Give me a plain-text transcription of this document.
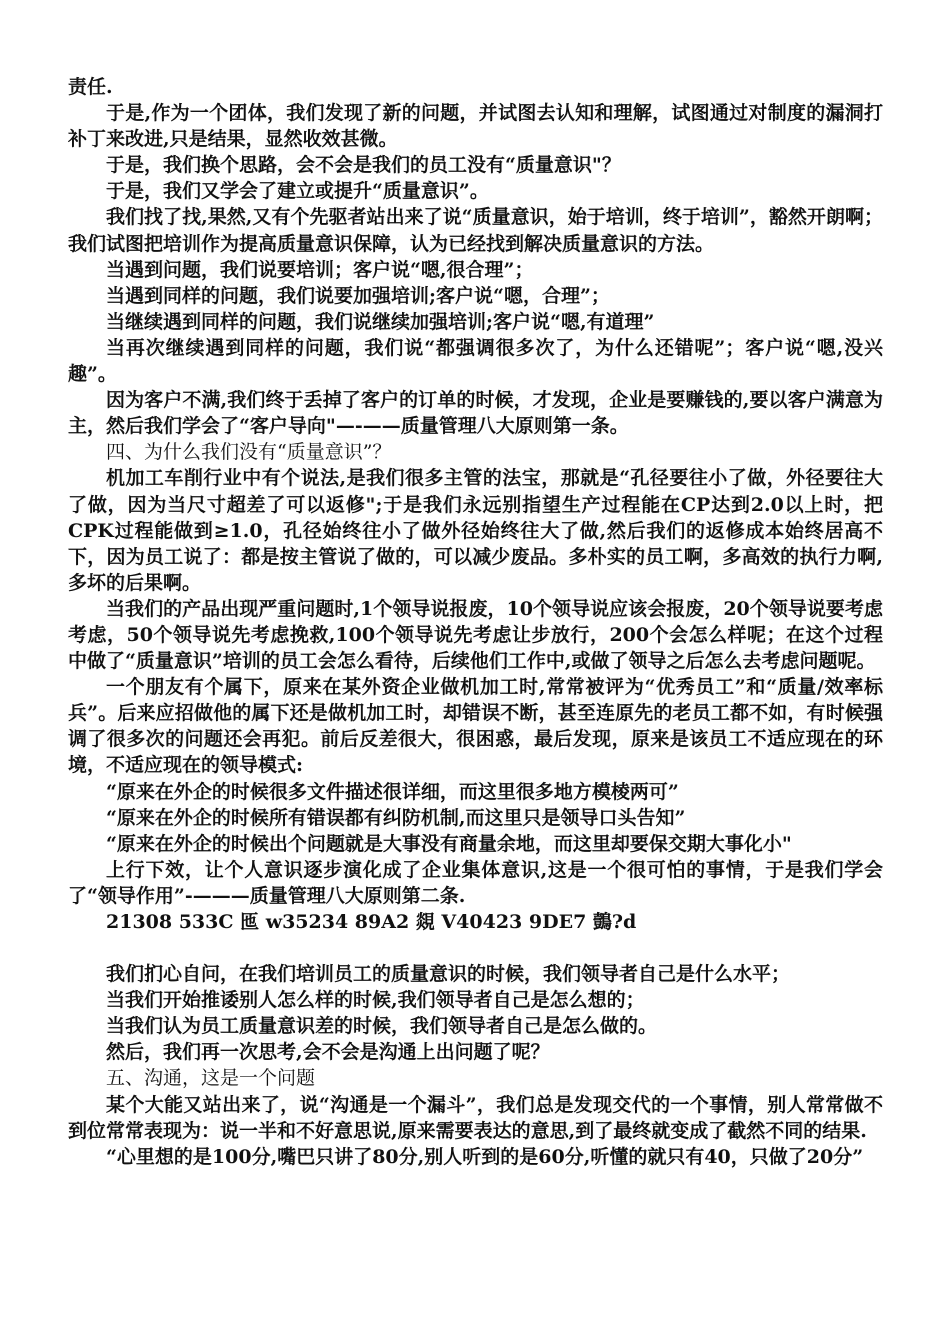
责任.

于是,作为一个团体，我们发现了新的问题，并试图去认知和理解，试图通过对制度的漏洞打补丁来改进,只是结果，显然收效甚微。

于是，我们换个思路，会不会是我们的员工没有“质量意识"？

于是，我们又学会了建立或提升“质量意识”。

我们找了找,果然,又有个先驱者站出来了说“质量意识，始于培训，终于培训”，豁然开朗啊；我们试图把培训作为提高质量意识保障，认为已经找到解决质量意识的方法。

当遇到问题，我们说要培训；客户说“嗯,很合理”；

当遇到同样的问题，我们说要加强培训;客户说“嗯，合理”；

当继续遇到同样的问题，我们说继续加强培训;客户说“嗯,有道理”

当再次继续遇到同样的问题，我们说“都强调很多次了，为什么还错呢”；客户说“嗯,没兴趣”。

因为客户不满,我们终于丢掉了客户的订单的时候，才发现，企业是要赚钱的,要以客户满意为主，然后我们学会了“客户导向"—-——质量管理八大原则第一条。

四、为什么我们没有“质量意识”？

机加工车削行业中有个说法,是我们很多主管的法宝，那就是“孔径要往小了做，外径要往大了做，因为当尺寸超差了可以返修";于是我们永远别指望生产过程能在CP达到2.0以上时，把CPK过程能做到≥1.0，孔径始终往小了做外径始终往大了做,然后我们的返修成本始终居高不下，因为员工说了：都是按主管说了做的，可以减少废品。多朴实的员工啊，多高效的执行力啊,多坏的后果啊。

当我们的产品出现严重问题时,1个领导说报废，10个领导说应该会报废，20个领导说要考虑考虑，50个领导说先考虑挽救,100个领导说先考虑让步放行，200个会怎么样呢；在这个过程中做了“质量意识”培训的员工会怎么看待，后续他们工作中,或做了领导之后怎么去考虑问题呢。

一个朋友有个属下，原来在某外资企业做机加工时,常常被评为“优秀员工”和“质量/效率标兵”。后来应招做他的属下还是做机加工时，却错误不断，甚至连原先的老员工都不如，有时候强调了很多次的问题还会再犯。前后反差很大，很困惑，最后发现，原来是该员工不适应现在的环境，不适应现在的领导模式:

“原来在外企的时候很多文件描述很详细，而这里很多地方模棱两可”

“原来在外企的时候所有错误都有纠防机制,而这里只是领导口头告知”

“原来在外企的时候出个问题就是大事没有商量余地，而这里却要保交期大事化小"

上行下效，让个人意识逐步演化成了企业集体意识,这是一个很可怕的事情，于是我们学会了“领导作用”-———质量管理八大原则第二条.

21308 533C 匜 w35234 89A2 覢 V40423 9DE7 鷧?d

我们扪心自问，在我们培训员工的质量意识的时候，我们领导者自己是什么水平；

当我们开始推诿别人怎么样的时候,我们领导者自己是怎么想的；

当我们认为员工质量意识差的时候，我们领导者自己是怎么做的。

然后，我们再一次思考,会不会是沟通上出问题了呢？

五、沟通，这是一个问题

某个大能又站出来了，说“沟通是一个漏斗”，我们总是发现交代的一个事情，别人常常做不到位常常表现为：说一半和不好意思说,原来需要表达的意思,到了最终就变成了截然不同的结果.

“心里想的是100分,嘴巴只讲了80分,别人听到的是60分,听懂的就只有40，只做了20分”
